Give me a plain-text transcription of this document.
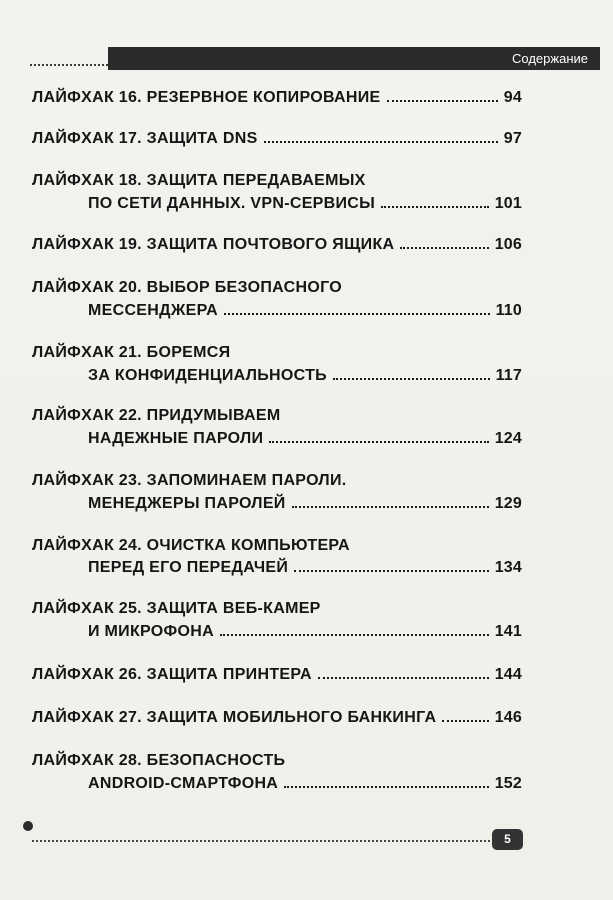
Содержание
ЛАЙФХАК 16. РЕЗЕРВНОЕ КОПИРОВАНИЕ	94
ЛАЙФХАК 17. ЗАЩИТА DNS	97
ЛАЙФХАК 18. ЗАЩИТА ПЕРЕДАВАЕМЫХ
ПО СЕТИ ДАННЫХ. VPN-СЕРВИСЫ	101
ЛАЙФХАК 19. ЗАЩИТА ПОЧТОВОГО ЯЩИКА	106
ЛАЙФХАК 20. ВЫБОР БЕЗОПАСНОГО
МЕССЕНДЖЕРА	110
ЛАЙФХАК 21. БОРЕМСЯ
ЗА КОНФИДЕНЦИАЛЬНОСТЬ	117
ЛАЙФХАК 22. ПРИДУМЫВАЕМ
НАДЕЖНЫЕ ПАРОЛИ	124
ЛАЙФХАК 23. ЗАПОМИНАЕМ ПАРОЛИ.
МЕНЕДЖЕРЫ ПАРОЛЕЙ	129
ЛАЙФХАК 24. ОЧИСТКА КОМПЬЮТЕРА
ПЕРЕД ЕГО ПЕРЕДАЧЕЙ	134
ЛАЙФХАК 25. ЗАЩИТА ВЕБ-КАМЕР
И МИКРОФОНА	141
ЛАЙФХАК 26. ЗАЩИТА ПРИНТЕРА	144
ЛАЙФХАК 27. ЗАЩИТА МОБИЛЬНОГО БАНКИНГА	146
ЛАЙФХАК 28. БЕЗОПАСНОСТЬ
ANDROID-СМАРТФОНА	152
5
